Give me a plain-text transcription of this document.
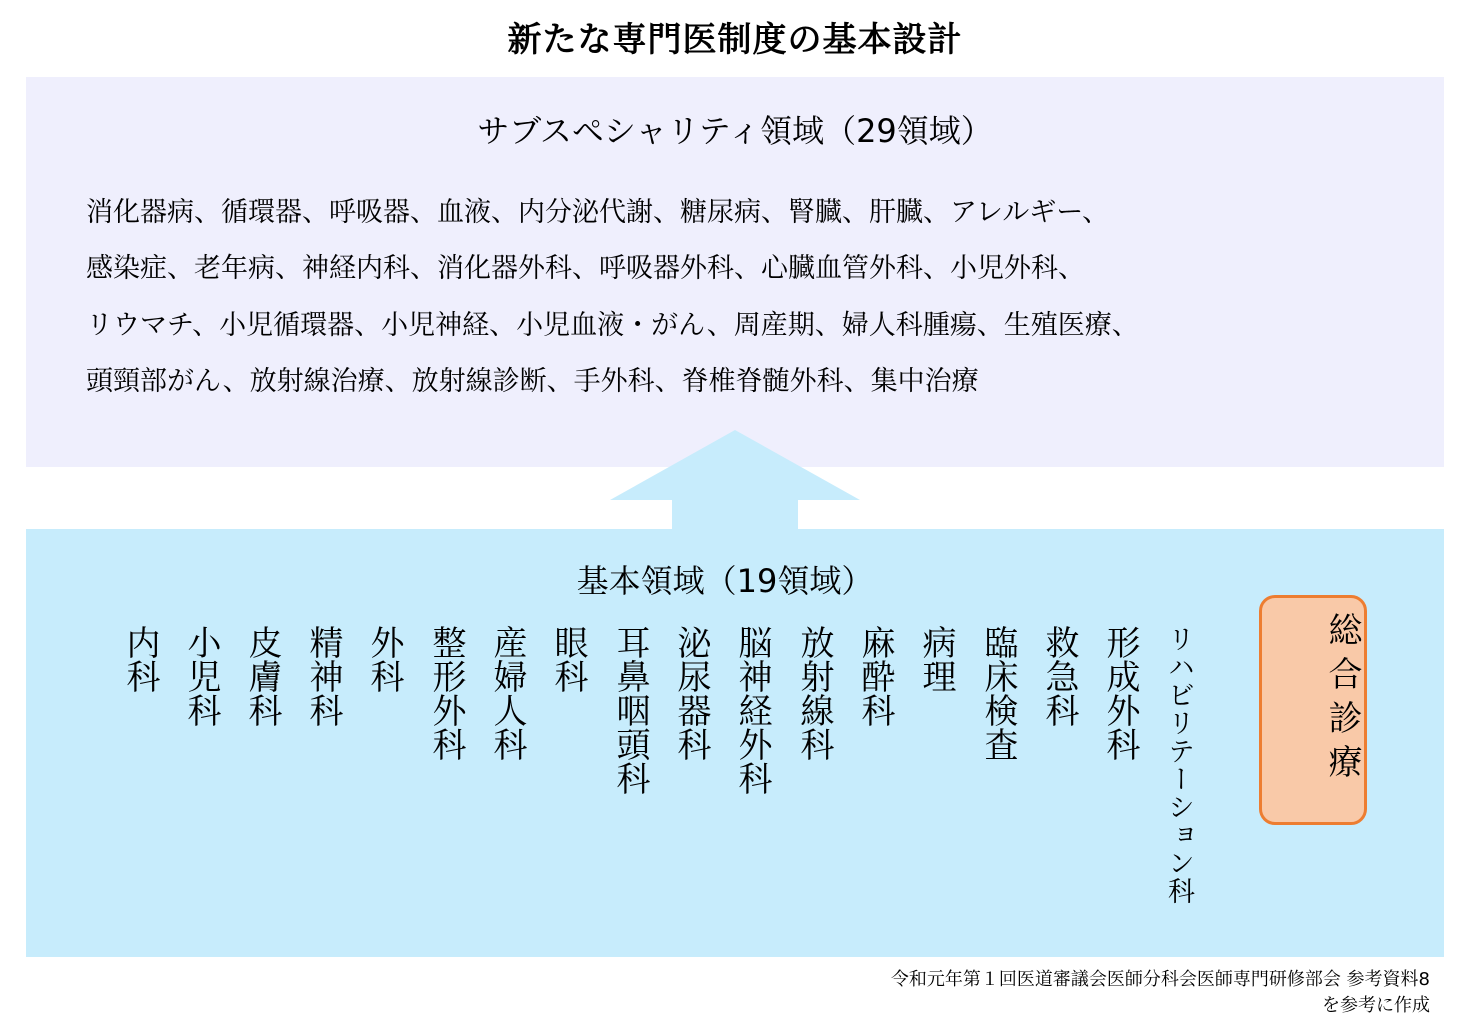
新たな専門医制度の基本設計
サブスペシャリティ領域（29領域）
消化器病、循環器、呼吸器、血液、内分泌代謝、糖尿病、腎臓、肝臓、アレルギー、
感染症、老年病、神経内科、消化器外科、呼吸器外科、心臓血管外科、小児外科、
リウマチ、小児循環器、小児神経、小児血液・がん、周産期、婦人科腫瘍、生殖医療、
頭頸部がん、放射線治療、放射線診断、手外科、脊椎脊髄外科、集中治療
基本領域（19領域）
内科 小児科 皮膚科 精神科 外科 整形外科 産婦人科 眼科 耳鼻咽頭科 泌尿器科 脳神経外科 放射線科 麻酔科 病理 臨床検査 救急科 形成外科 リハビリテーション科	総合診療
令和元年第１回医道審議会医師分科会医師専門研修部会 参考資料8
を参考に作成
